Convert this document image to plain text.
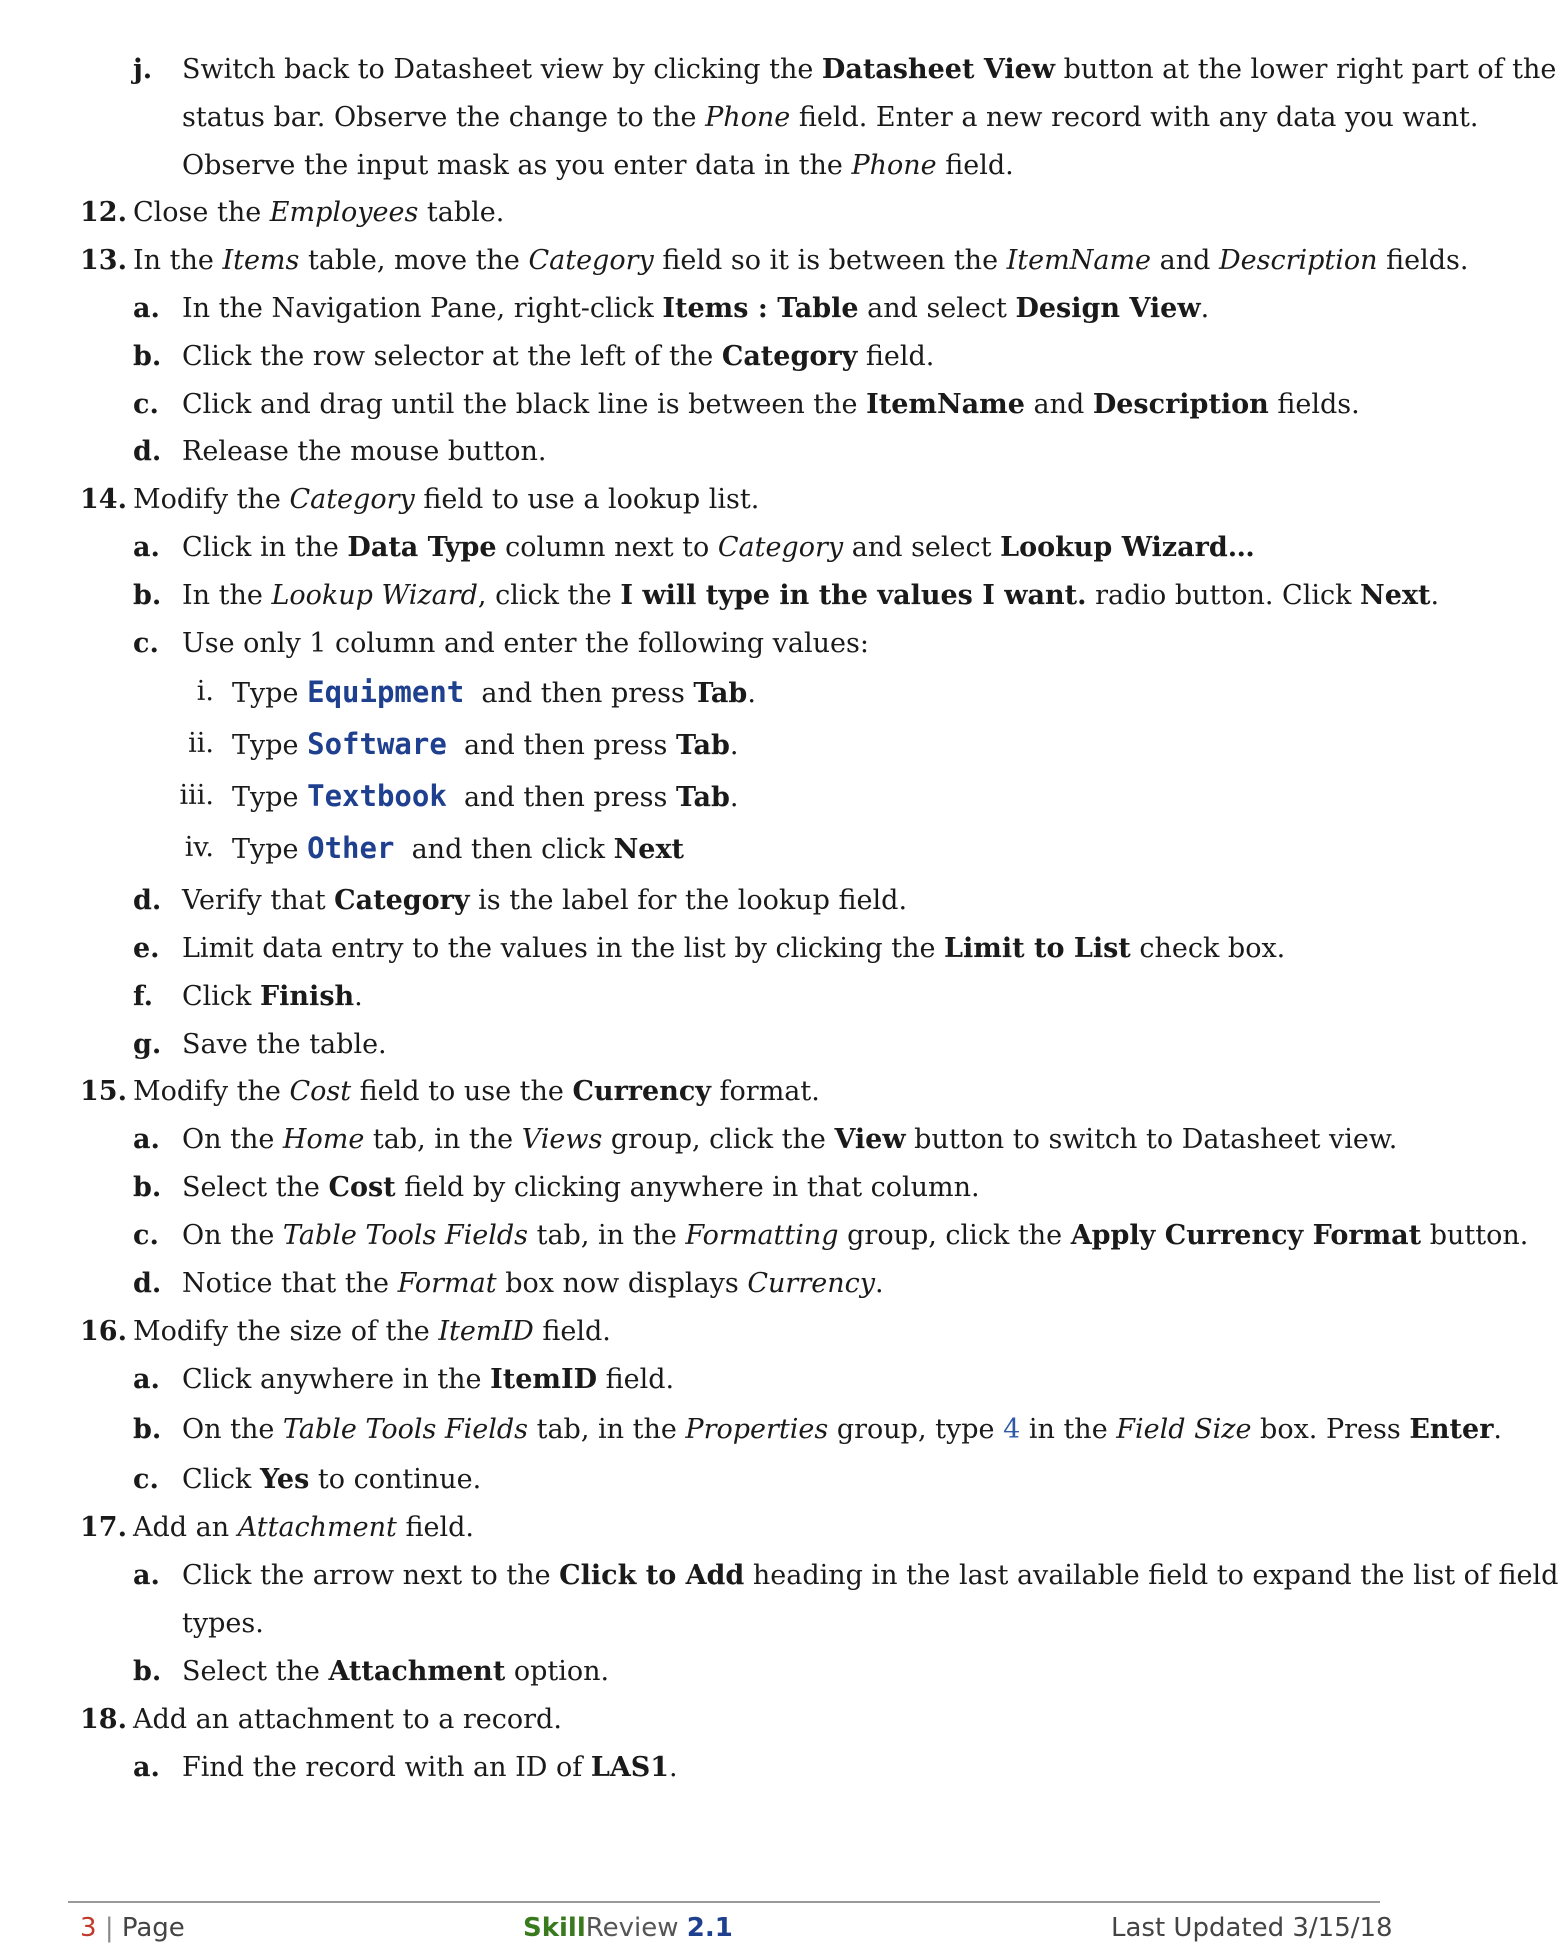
j. Switch back to Datasheet view by clicking the Datasheet View button at the lower right part of the
status bar. Observe the change to the Phone field. Enter a new record with any data you want.
Observe the input mask as you enter data in the Phone field.
12. Close the Employees table.
13. In the Items table, move the Category field so it is between the ItemName and Description fields.
a. In the Navigation Pane, right-click Items : Table and select Design View.
b. Click the row selector at the left of the Category field.
c. Click and drag until the black line is between the ItemName and Description fields.
d. Release the mouse button.
14. Modify the Category field to use a lookup list.
a. Click in the Data Type column next to Category and select Lookup Wizard…
b. In the Lookup Wizard, click the I will type in the values I want. radio button. Click Next.
c. Use only 1 column and enter the following values:
i. Type Equipment  and then press Tab.
ii. Type Software  and then press Tab.
iii. Type Textbook  and then press Tab.
iv. Type Other  and then click Next
d. Verify that Category is the label for the lookup field.
e. Limit data entry to the values in the list by clicking the Limit to List check box.
f. Click Finish.
g. Save the table.
15. Modify the Cost field to use the Currency format.
a. On the Home tab, in the Views group, click the View button to switch to Datasheet view.
b. Select the Cost field by clicking anywhere in that column.
c. On the Table Tools Fields tab, in the Formatting group, click the Apply Currency Format button.
d. Notice that the Format box now displays Currency.
16. Modify the size of the ItemID field.
a. Click anywhere in the ItemID field.
b. On the Table Tools Fields tab, in the Properties group, type 4 in the Field Size box. Press Enter.
c. Click Yes to continue.
17. Add an Attachment field.
a. Click the arrow next to the Click to Add heading in the last available field to expand the list of field
types.
b. Select the Attachment option.
18. Add an attachment to a record.
a. Find the record with an ID of LAS1.
3 | Page	SkillReview 2.1	Last Updated 3/15/18
